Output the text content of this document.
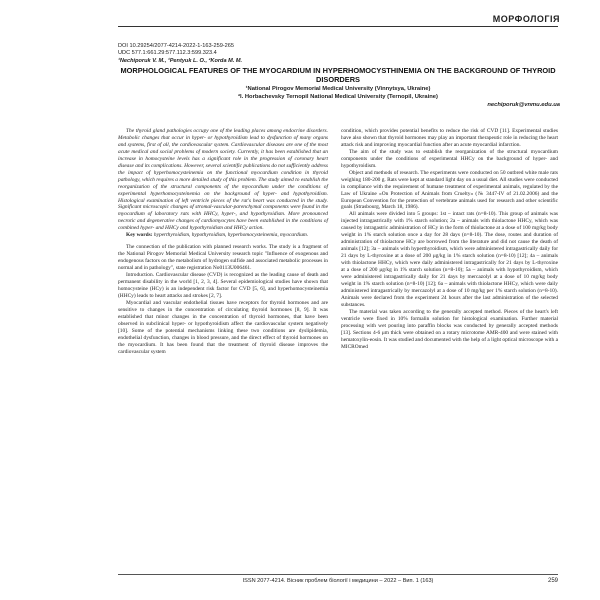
МОРФОЛОГІЯ
DOI 10.29254/2077-4214-2022-1-163-259-265
UDC 577.1:661.29:577.112.3:599.323.4
¹Nechiporuk V. M., ¹Pentyuk L. O., ²Korda M. M.
MORPHOLOGICAL FEATURES OF THE MYOCARDIUM IN HYPERHOMOCYSTHINEMIA ON THE BACKGROUND OF THYROID DISORDERS
¹National Pirogov Memorial Medical University (Vinnytsya, Ukraine)
²I. Horbachevsky Ternopil National Medical University (Ternopil, Ukraine)
nechiporuk@vnmu.edu.ua

The thyroid gland pathologies occupy one of the leading places among endocrine disorders. Metabolic changes that occur in hyper- or hypothyroidism lead to dysfunction of many organs and systems, first of all, the cardiovascular system. Cardiovascular diseases are one of the most acute medical and social problems of modern society. Currently, it has been established that an increase in homocysteine levels has a significant role in the progression of coronary heart disease and its complications. However, several scientific publications do not sufficiently address the impact of hyperhomocysteinemia on the functional myocardium condition in thyroid pathology, which requires a more detailed study of this problem. The study aimed to establish the reorganization of the structural components of the myocardium under the conditions of experimental hyperhomocysteinemia on the background of hyper- and hypothyroidism. Histological examination of left ventricle pieces of the rat's heart was conducted in the study. Significant microscopic changes of stromal-vascular-parenchymal components were found in the myocardium of laboratory rats with HHCy, hyper-, and hypothyroidism. More pronounced necrotic and degenerative changes of cardiomyocytes have been established in the conditions of combined hyper- and HHCy and hypothyroidism and HHCy action.

Key words: hyperthyroidism, hypothyroidism, hyperhomocysteinemia, myocardium.

The connection of the publication with planned research works. The study is a fragment of the National Pirogov Memorial Medical University research topic "Influence of exogenous and endogenous factors on the metabolism of hydrogen sulfide and associated metabolic processes in normal and in pathology", state registration No0113U006461.

Introduction. Cardiovascular disease (CVD) is recognized as the leading cause of death and permanent disability in the world [1, 2, 3, 4]. Several epidemiological studies have shown that homocysteine (HCy) is an independent risk factor for CVD [5, 6], and hyperhomocysteinemia (HHCy) leads to heart attacks and strokes [2, 7].

Myocardial and vascular endothelial tissues have receptors for thyroid hormones and are sensitive to changes in the concentration of circulating thyroid hormones [8, 9]. It was established that minor changes in the concentration of thyroid hormones, that have been observed in subclinical hyper- or hypothyroidism affect the cardiovascular system negatively [10]. Some of the potential mechanisms linking these two conditions are dyslipidemia, endothelial dysfunction, changes in blood pressure, and the direct effect of thyroid hormones on the myocardium. It has been found that the treatment of thyroid disease improves the cardiovascular system

condition, which provides potential benefits to reduce the risk of CVD [11]. Experimental studies have also shown that thyroid hormones may play an important therapeutic role in reducing the heart attack risk and improving myocardial function after an acute myocardial infarction.

The aim of the study was to establish the reorganization of the structural myocardium components under the conditions of experimental HHCy on the background of hyper- and hypothyroidism.

Object and methods of research. The experiments were conducted on 50 outbred white male rats weighing 180-200 g. Rats were kept at standard light day on a usual diet. All studies were conducted in compliance with the requirement of humane treatment of experimental animals, regulated by the Law of Ukraine «On Protection of Animals from Cruelty» (№ 3447-IV of 21.02.2006) and the European Convention for the protection of vertebrate animals used for research and other scientific goals (Strasbourg, March 18, 1986).

All animals were divided into 5 groups: 1st – intact rats (n=8-10). This group of animals was injected intragastrically with 1% starch solution; 2a – animals with thiolactone HHCy, which was caused by intragastric administration of HCy in the form of thiolactone at a dose of 100 mg/kg body weight in 1% starch solution once a day for 28 days (n=8-10). The dose, routes and duration of administration of thiolactone HCy are borrowed from the literature and did not cause the death of animals [12]; 3a – animals with hyperthyroidism, which were administered intragastrically daily for 21 days by L-thyroxine at a dose of 200 μg/kg in 1% starch solution (n=8-10) [12]; 4a – animals with thiolactone HHCy, which were daily administered intragastrically for 21 days by L-thyroxine at a dose of 200 μg/kg in 1% starch solution (n=8-10); 5a – animals with hypothyroidism, which were administered intragastrically daily for 21 days by mercazolyl at a dose of 10 mg/kg body weight in 1% starch solution (n=8-10) [12]; 6a – animals with thiolactone HHCy, which were daily administered intragastrically by mercazolyl at a dose of 10 mg/kg per 1% starch solution (n=8-10). Animals were declared from the experiment 24 hours after the last administration of the selected substances.

The material was taken according to the generally accepted method. Pieces of the heart's left ventricle were fixed in 10% formalin solution for histological examination. Further material processing with wet pouring into paraffin blocks was conducted by generally accepted methods [13]. Sections 4-6 μm thick were obtained on a rotary microtome AMR-400 and were stained with hematoxylin-eosin. It was studied and documented with the help of a light optical microscope with a MICROmed

ISSN 2077-4214. Вісник проблем біології і медицини – 2022 – Вип. 1 (163)	259
